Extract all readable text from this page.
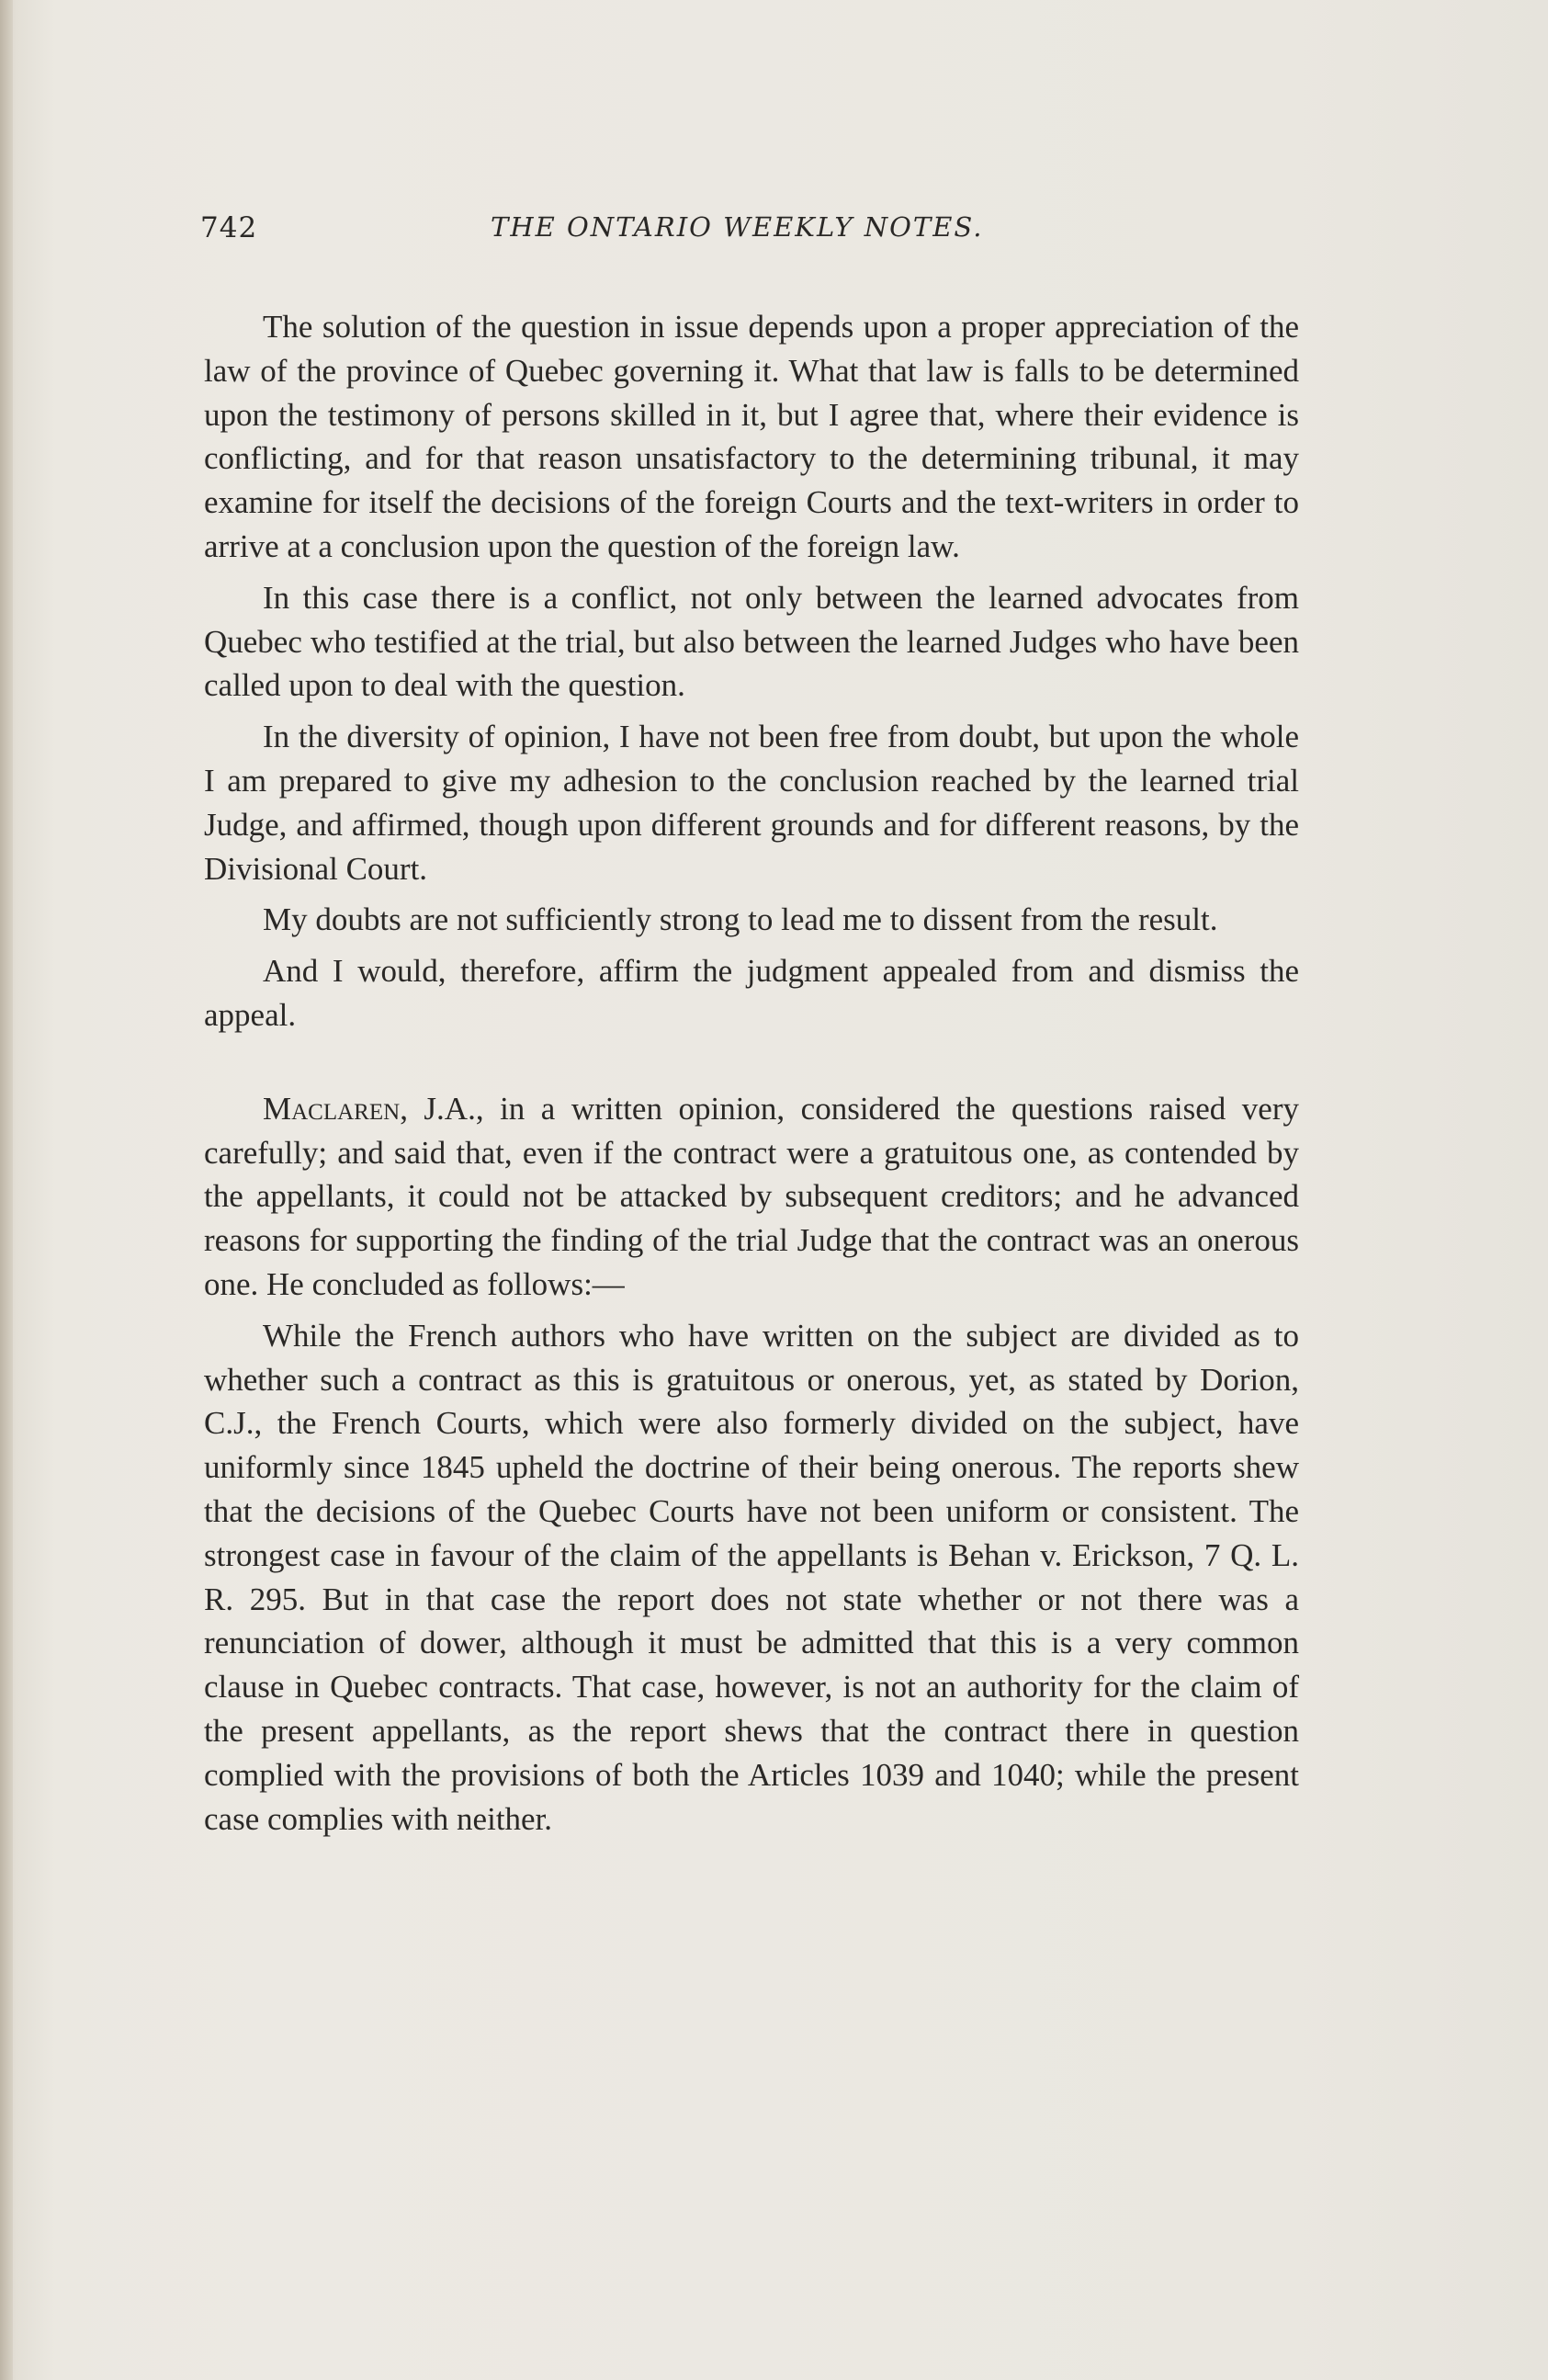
742	THE ONTARIO WEEKLY NOTES.

The solution of the question in issue depends upon a proper appreciation of the law of the province of Quebec governing it. What that law is falls to be determined upon the testimony of persons skilled in it, but I agree that, where their evidence is conflicting, and for that reason unsatisfactory to the determining tribunal, it may examine for itself the decisions of the foreign Courts and the text-writers in order to arrive at a conclusion upon the question of the foreign law.

In this case there is a conflict, not only between the learned advocates from Quebec who testified at the trial, but also between the learned Judges who have been called upon to deal with the question.

In the diversity of opinion, I have not been free from doubt, but upon the whole I am prepared to give my adhesion to the conclusion reached by the learned trial Judge, and affirmed, though upon different grounds and for different reasons, by the Divisional Court.

My doubts are not sufficiently strong to lead me to dissent from the result.

And I would, therefore, affirm the judgment appealed from and dismiss the appeal.

Maclaren, J.A., in a written opinion, considered the questions raised very carefully; and said that, even if the contract were a gratuitous one, as contended by the appellants, it could not be attacked by subsequent creditors; and he advanced reasons for supporting the finding of the trial Judge that the contract was an onerous one. He concluded as follows:—

While the French authors who have written on the subject are divided as to whether such a contract as this is gratuitous or onerous, yet, as stated by Dorion, C.J., the French Courts, which were also formerly divided on the subject, have uniformly since 1845 upheld the doctrine of their being onerous. The reports shew that the decisions of the Quebec Courts have not been uniform or consistent. The strongest case in favour of the claim of the appellants is Behan v. Erickson, 7 Q. L. R. 295. But in that case the report does not state whether or not there was a renunciation of dower, although it must be admitted that this is a very common clause in Quebec contracts. That case, however, is not an authority for the claim of the present appellants, as the report shews that the contract there in question complied with the provisions of both the Articles 1039 and 1040; while the present case complies with neither.
